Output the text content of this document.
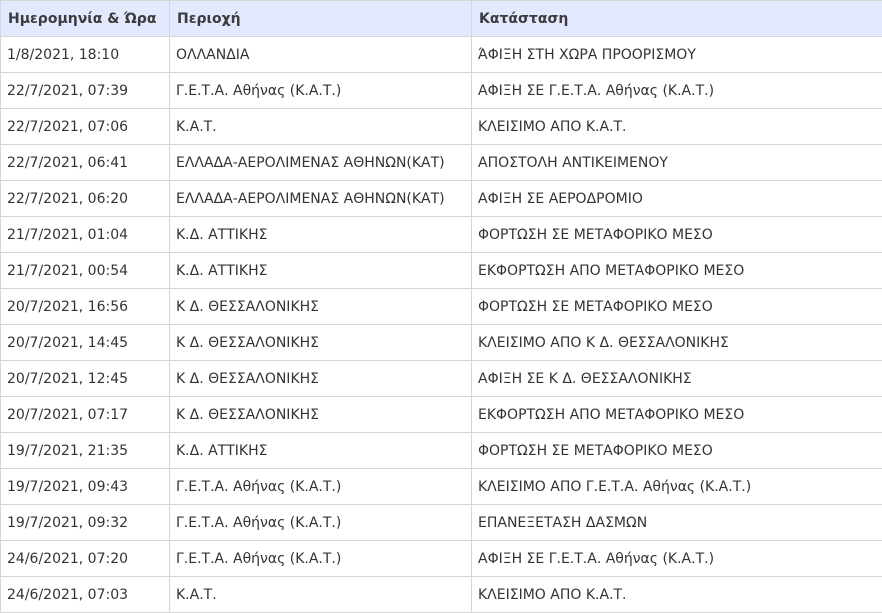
Ημερομηνία & Ώρα	Περιοχή	Κατάσταση
1/8/2021, 18:10	ΟΛΛΑΝΔΙΑ	ΆΦΙΞΗ ΣΤΗ ΧΩΡΑ ΠΡΟΟΡΙΣΜΟΥ
22/7/2021, 07:39	Γ.Ε.Τ.Α. Αθήνας (Κ.Α.Τ.)	ΑΦΙΞΗ ΣΕ Γ.Ε.Τ.Α. Αθήνας (Κ.Α.Τ.)
22/7/2021, 07:06	Κ.Α.Τ.	ΚΛΕΙΣΙΜΟ ΑΠΟ Κ.Α.Τ.
22/7/2021, 06:41	ΕΛΛΑΔΑ-ΑΕΡΟΛΙΜΕΝΑΣ ΑΘΗΝΩΝ(ΚΑΤ)	ΑΠΟΣΤΟΛΗ ΑΝΤΙΚΕΙΜΕΝΟΥ
22/7/2021, 06:20	ΕΛΛΑΔΑ-ΑΕΡΟΛΙΜΕΝΑΣ ΑΘΗΝΩΝ(ΚΑΤ)	ΑΦΙΞΗ ΣΕ ΑΕΡΟΔΡΟΜΙΟ
21/7/2021, 01:04	Κ.Δ. ΑΤΤΙΚΗΣ	ΦΟΡΤΩΣΗ ΣΕ ΜΕΤΑΦΟΡΙΚΟ ΜΕΣΟ
21/7/2021, 00:54	Κ.Δ. ΑΤΤΙΚΗΣ	ΕΚΦΟΡΤΩΣΗ ΑΠΟ ΜΕΤΑΦΟΡΙΚΟ ΜΕΣΟ
20/7/2021, 16:56	Κ Δ. ΘΕΣΣΑΛΟΝΙΚΗΣ	ΦΟΡΤΩΣΗ ΣΕ ΜΕΤΑΦΟΡΙΚΟ ΜΕΣΟ
20/7/2021, 14:45	Κ Δ. ΘΕΣΣΑΛΟΝΙΚΗΣ	ΚΛΕΙΣΙΜΟ ΑΠΟ Κ Δ. ΘΕΣΣΑΛΟΝΙΚΗΣ
20/7/2021, 12:45	Κ Δ. ΘΕΣΣΑΛΟΝΙΚΗΣ	ΑΦΙΞΗ ΣΕ Κ Δ. ΘΕΣΣΑΛΟΝΙΚΗΣ
20/7/2021, 07:17	Κ Δ. ΘΕΣΣΑΛΟΝΙΚΗΣ	ΕΚΦΟΡΤΩΣΗ ΑΠΟ ΜΕΤΑΦΟΡΙΚΟ ΜΕΣΟ
19/7/2021, 21:35	Κ.Δ. ΑΤΤΙΚΗΣ	ΦΟΡΤΩΣΗ ΣΕ ΜΕΤΑΦΟΡΙΚΟ ΜΕΣΟ
19/7/2021, 09:43	Γ.Ε.Τ.Α. Αθήνας (Κ.Α.Τ.)	ΚΛΕΙΣΙΜΟ ΑΠΟ Γ.Ε.Τ.Α. Αθήνας (Κ.Α.Τ.)
19/7/2021, 09:32	Γ.Ε.Τ.Α. Αθήνας (Κ.Α.Τ.)	ΕΠΑΝΕΞΕΤΑΣΗ ΔΑΣΜΩΝ
24/6/2021, 07:20	Γ.Ε.Τ.Α. Αθήνας (Κ.Α.Τ.)	ΑΦΙΞΗ ΣΕ Γ.Ε.Τ.Α. Αθήνας (Κ.Α.Τ.)
24/6/2021, 07:03	Κ.Α.Τ.	ΚΛΕΙΣΙΜΟ ΑΠΟ Κ.Α.Τ.
